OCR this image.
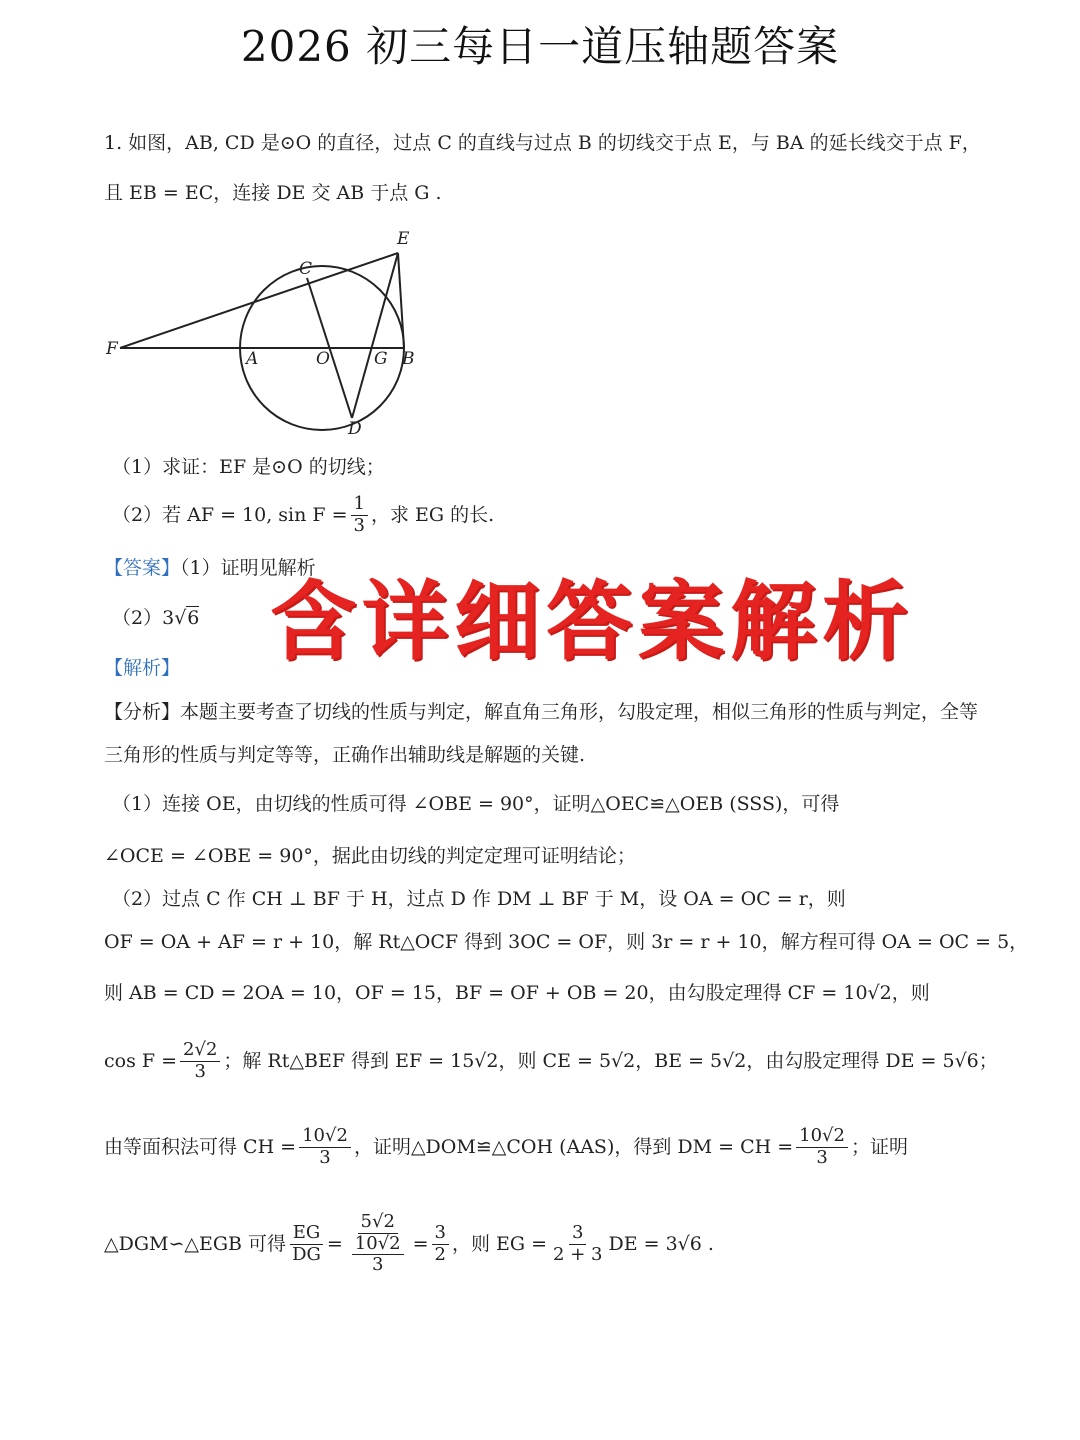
2026 初三每日一道压轴题答案
1. 如图，AB, CD 是⊙O 的直径，过点 C 的直线与过点 B 的切线交于点 E，与 BA 的延长线交于点 F，
且 EB = EC，连接 DE 交 AB 于点 G .
E
C
F	A	O	G B
D
（1）求证：EF 是⊙O 的切线；
（2）若 AF = 10, $\sin F = \frac{1}{3}$ ，求 EG 的长.
【答案】（1）证明见解析
（2）3√6
【解析】
【分析】本题主要考查了切线的性质与判定，解直角三角形，勾股定理，相似三角形的性质与判定，全等
三角形的性质与判定等等，正确作出辅助线是解题的关键.
（1）连接 OE，由切线的性质可得 ∠OBE = 90°，证明△OEC≌△OEB (SSS)，可得
∠OCE = ∠OBE = 90°，据此由切线的判定定理可证明结论；
（2）过点 C 作 CH ⊥ BF 于 H，过点 D 作 DM ⊥ BF 于 M，设 OA = OC = r，则
OF = OA + AF = r + 10，解 Rt△OCF 得到 3OC = OF，则 3r = r + 10，解方程可得 OA = OC = 5，
则 AB = CD = 2OA = 10，OF = 15，BF = OF + OB = 20，由勾股定理得 CF = 10√2，则
$\cos F = \frac{2√2}{3}$ ；解 Rt△BEF 得到 EF = 15√2，则 CE = 5√2，BE = 5√2，由勾股定理得 DE = 5√6；
由等面积法可得 CH = $\frac{10√2}{3}$ ，证明△DOM≌△COH (AAS)，得到 DM = CH = $\frac{10√2}{3}$ ；证明
△DGM∽△EGB 可得 $\frac{EG}{DG} = \frac{5√2}{\frac{10√2}{3}} = \frac{3}{2}$ ，则 EG = $\frac{3}{2 + 3}$ DE = 3√6 .
含详细答案解析
